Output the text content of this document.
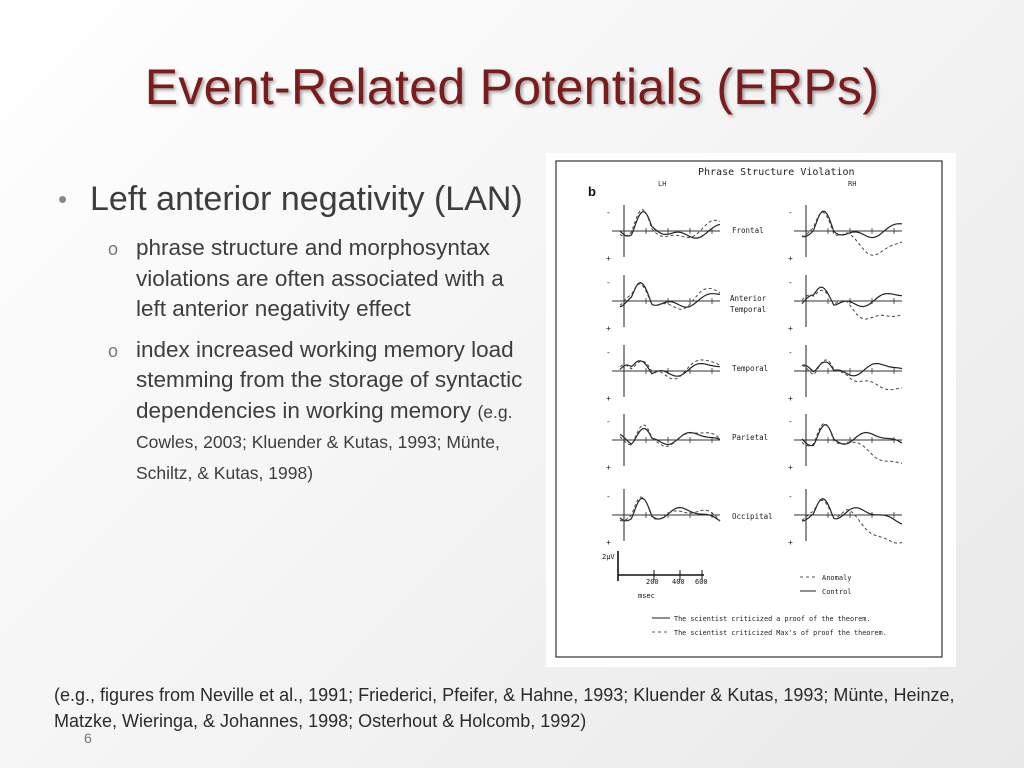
Event-Related Potentials (ERPs)
• Left anterior negativity (LAN)
o phrase structure and morphosyntax violations are often associated with a left anterior negativity effect
o index increased working memory load stemming from the storage of syntactic dependencies in working memory (e.g. Cowles, 2003; Kluender & Kutas, 1993; Münte, Schiltz, & Kutas, 1998)
b
Phrase Structure Violation
LH	RH
-
+
-
+
-
+
-
+
-
+
-
+
-
+
-
+
-
+
-
+
Frontal
Anterior
Temporal
Temporal
Parietal
Occipital
2μV
200 400 600
msec
Anomaly
Control
The scientist criticized a proof of the theorem.
The scientist criticized Max's of proof the theorem.
(e.g., figures from Neville et al., 1991; Friederici, Pfeifer, & Hahne, 1993; Kluender & Kutas, 1993; Münte, Heinze, Matzke, Wieringa, & Johannes, 1998; Osterhout & Holcomb, 1992)
6
